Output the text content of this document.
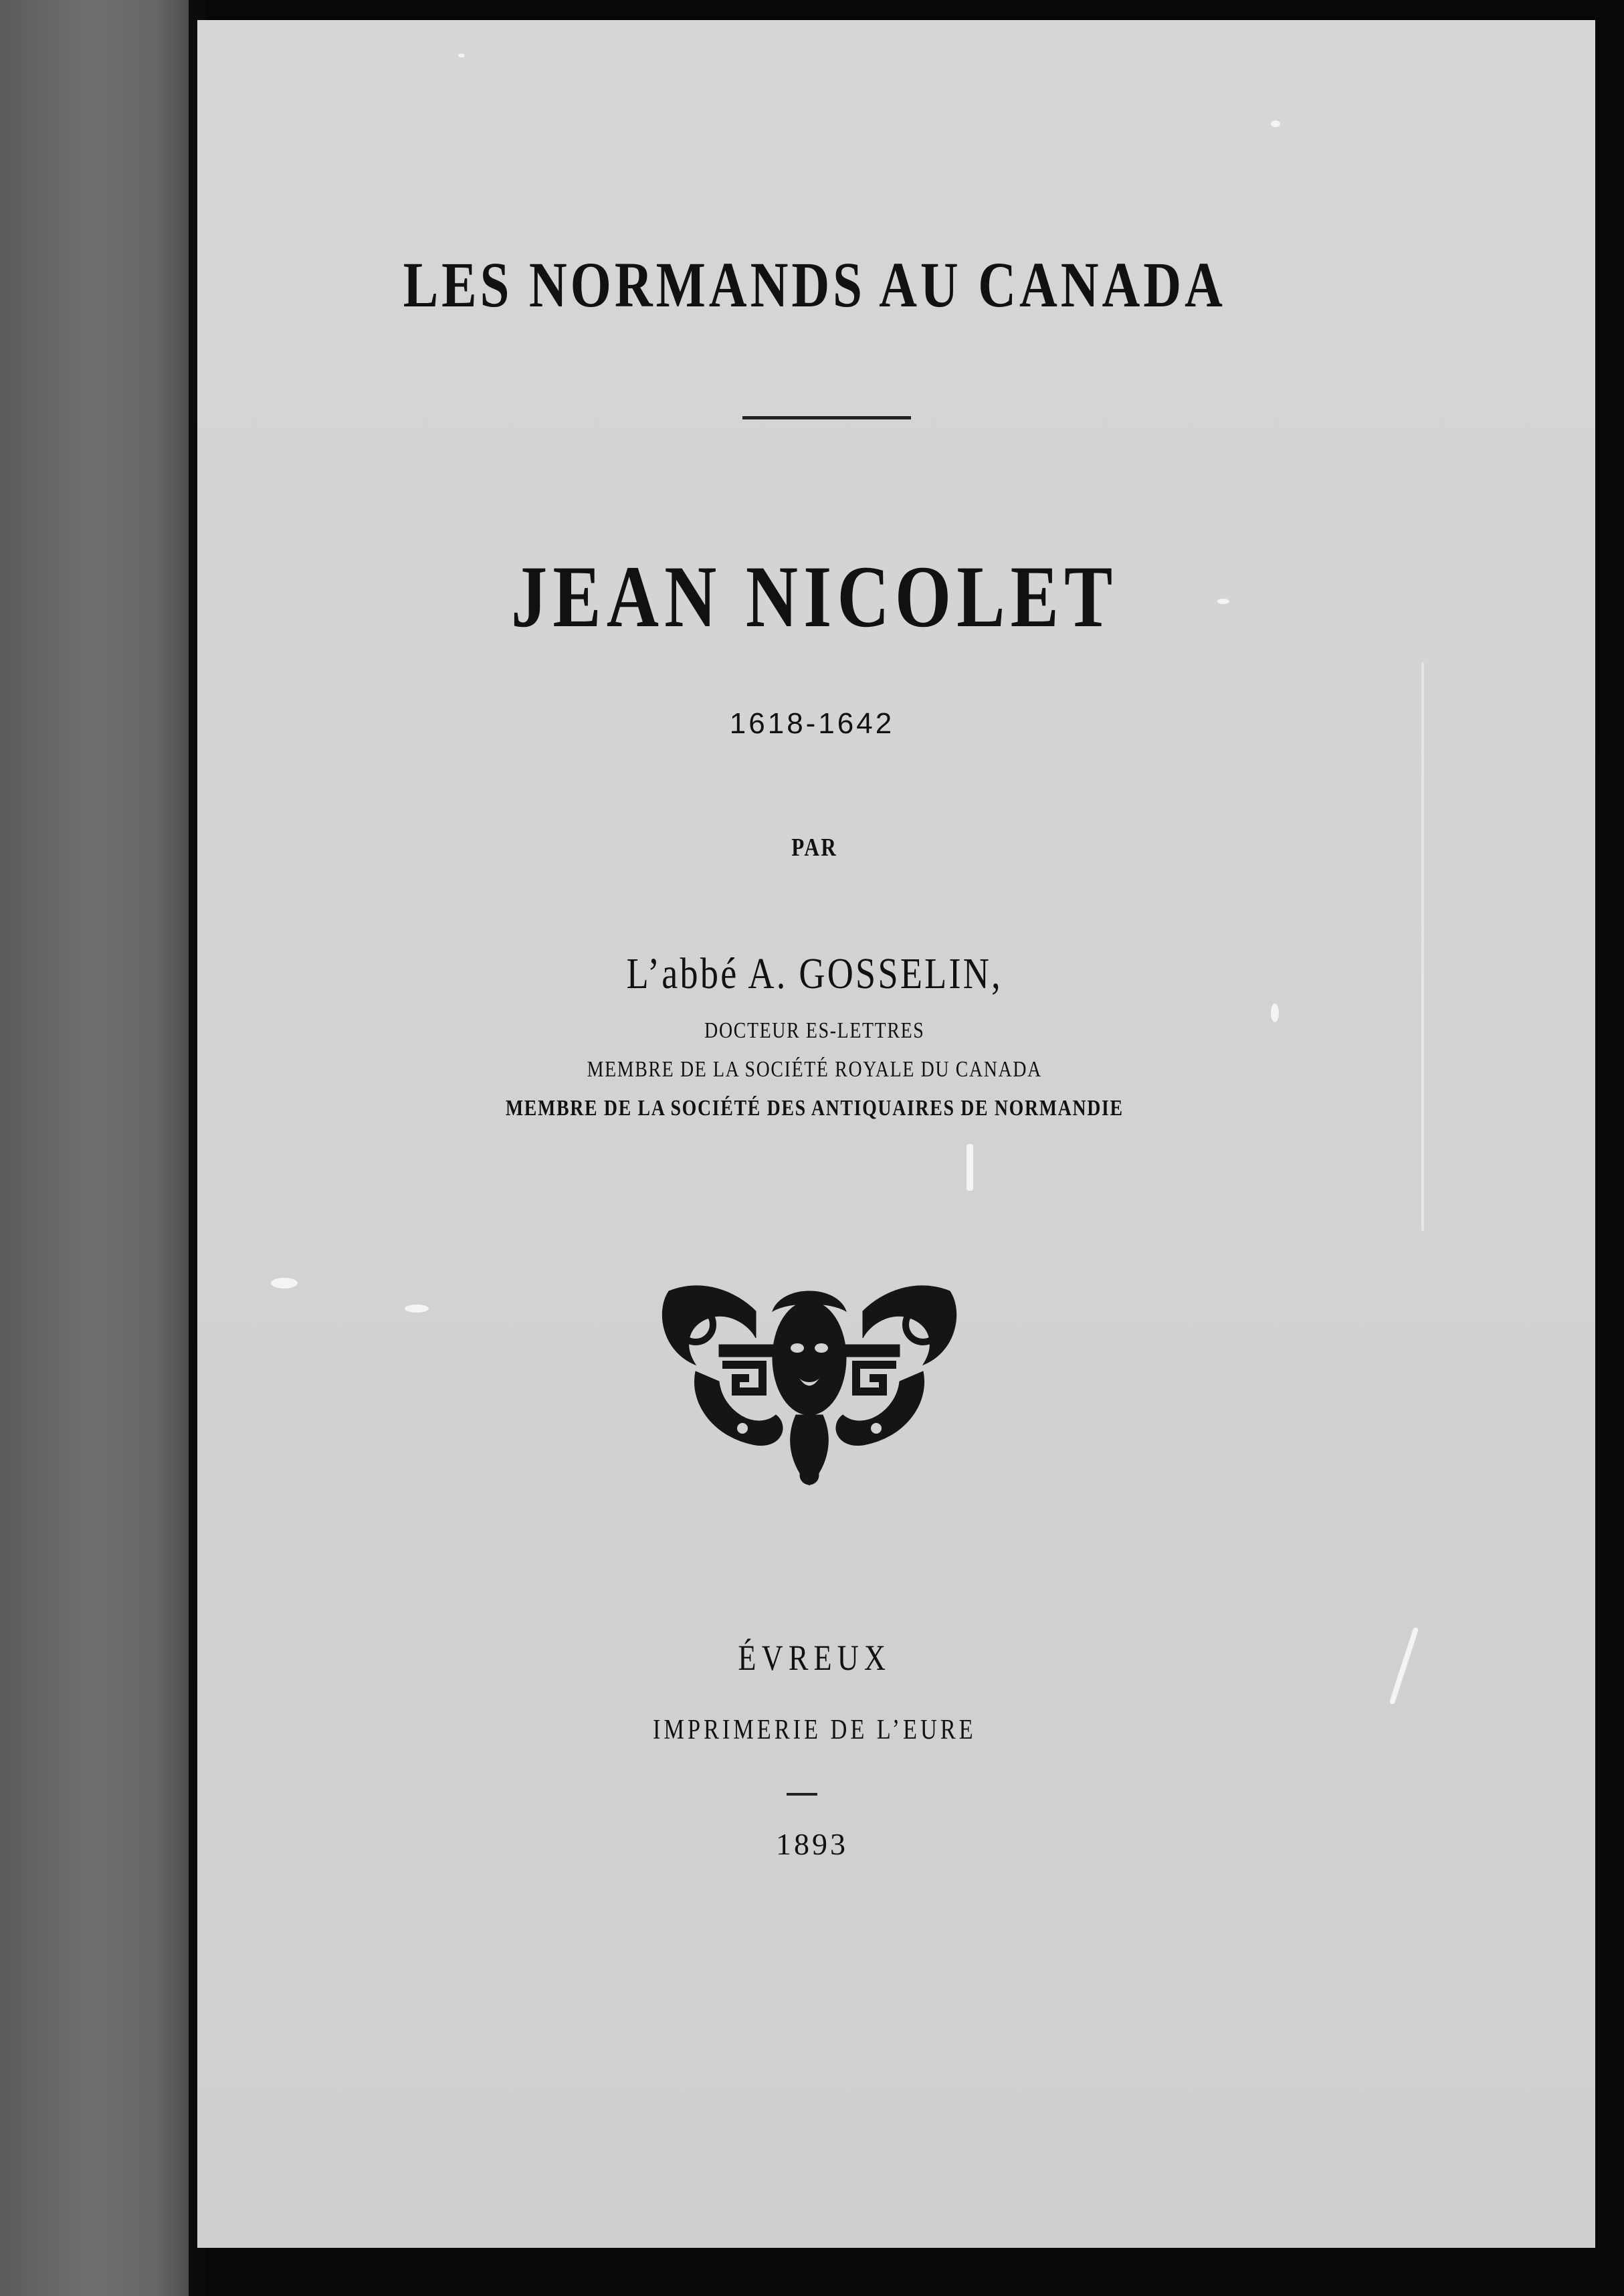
LES NORMANDS AU CANADA

JEAN NICOLET

1618-1642

PAR

L’abbé A. GOSSELIN,

DOCTEUR ES-LETTRES

MEMBRE DE LA SOCIÉTÉ ROYALE DU CANADA

MEMBRE DE LA SOCIÉTÉ DES ANTIQUAIRES DE NORMANDIE

ÉVREUX

IMPRIMERIE DE L’EURE

1893
